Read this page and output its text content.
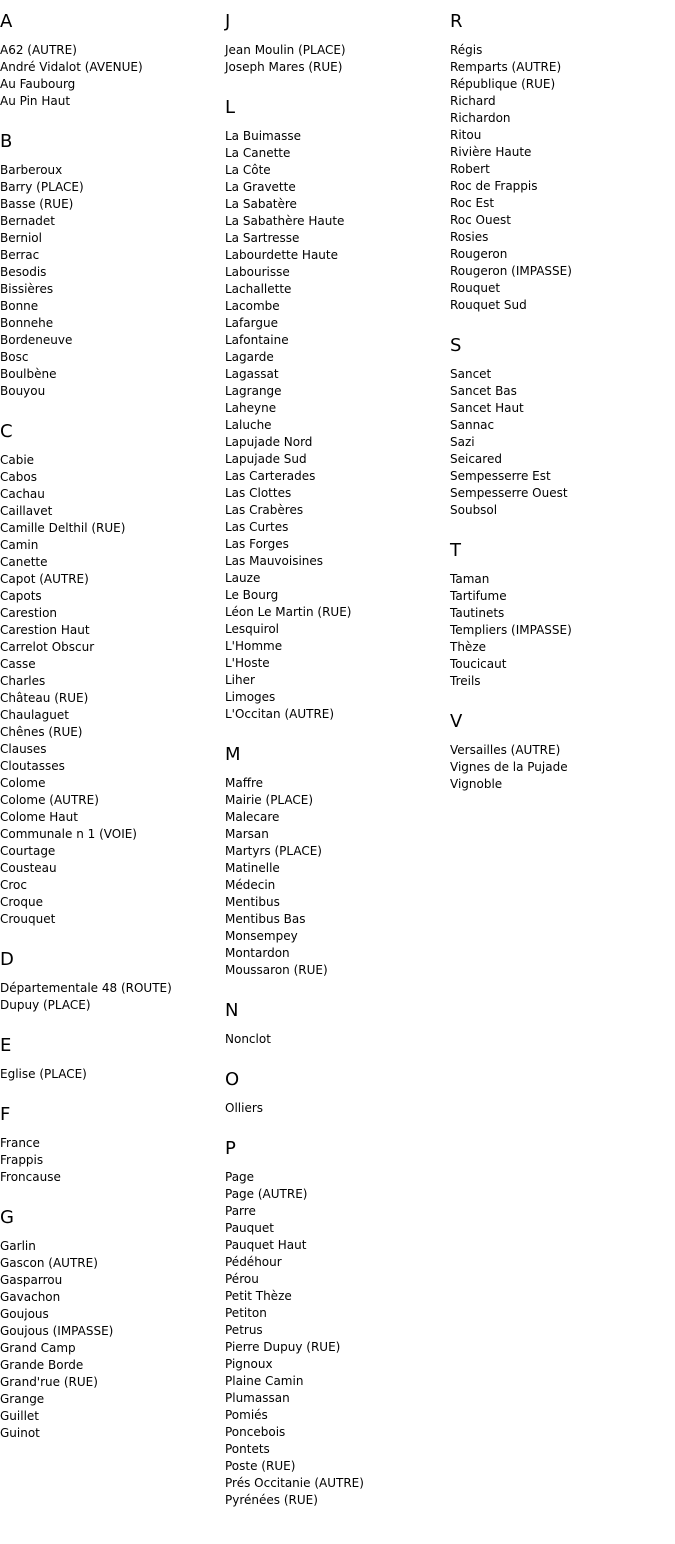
A
A62 (AUTRE)
André Vidalot (AVENUE)
Au Faubourg
Au Pin Haut
B
Barberoux
Barry (PLACE)
Basse (RUE)
Bernadet
Berniol
Berrac
Besodis
Bissières
Bonne
Bonnehe
Bordeneuve
Bosc
Boulbène
Bouyou
C
Cabie
Cabos
Cachau
Caillavet
Camille Delthil (RUE)
Camin
Canette
Capot (AUTRE)
Capots
Carestion
Carestion Haut
Carrelot Obscur
Casse
Charles
Château (RUE)
Chaulaguet
Chênes (RUE)
Clauses
Cloutasses
Colome
Colome (AUTRE)
Colome Haut
Communale n 1 (VOIE)
Courtage
Cousteau
Croc
Croque
Crouquet
D
Départementale 48 (ROUTE)
Dupuy (PLACE)
E
Eglise (PLACE)
F
France
Frappis
Froncause
G
Garlin
Gascon (AUTRE)
Gasparrou
Gavachon
Goujous
Goujous (IMPASSE)
Grand Camp
Grande Borde
Grand'rue (RUE)
Grange
Guillet
Guinot
J
Jean Moulin (PLACE)
Joseph Mares (RUE)
L
La Buimasse
La Canette
La Côte
La Gravette
La Sabatère
La Sabathère Haute
La Sartresse
Labourdette Haute
Labourisse
Lachallette
Lacombe
Lafargue
Lafontaine
Lagarde
Lagassat
Lagrange
Laheyne
Laluche
Lapujade Nord
Lapujade Sud
Las Carterades
Las Clottes
Las Crabères
Las Curtes
Las Forges
Las Mauvoisines
Lauze
Le Bourg
Léon Le Martin (RUE)
Lesquirol
L'Homme
L'Hoste
Liher
Limoges
L'Occitan (AUTRE)
M
Maffre
Mairie (PLACE)
Malecare
Marsan
Martyrs (PLACE)
Matinelle
Médecin
Mentibus
Mentibus Bas
Monsempey
Montardon
Moussaron (RUE)
N
Nonclot
O
Olliers
P
Page
Page (AUTRE)
Parre
Pauquet
Pauquet Haut
Pédéhour
Pérou
Petit Thèze
Petiton
Petrus
Pierre Dupuy (RUE)
Pignoux
Plaine Camin
Plumassan
Pomiés
Poncebois
Pontets
Poste (RUE)
Prés Occitanie (AUTRE)
Pyrénées (RUE)
R
Régis
Remparts (AUTRE)
République (RUE)
Richard
Richardon
Ritou
Rivière Haute
Robert
Roc de Frappis
Roc Est
Roc Ouest
Rosies
Rougeron
Rougeron (IMPASSE)
Rouquet
Rouquet Sud
S
Sancet
Sancet Bas
Sancet Haut
Sannac
Sazi
Seicared
Sempesserre Est
Sempesserre Ouest
Soubsol
T
Taman
Tartifume
Tautinets
Templiers (IMPASSE)
Thèze
Toucicaut
Treils
V
Versailles (AUTRE)
Vignes de la Pujade
Vignoble
